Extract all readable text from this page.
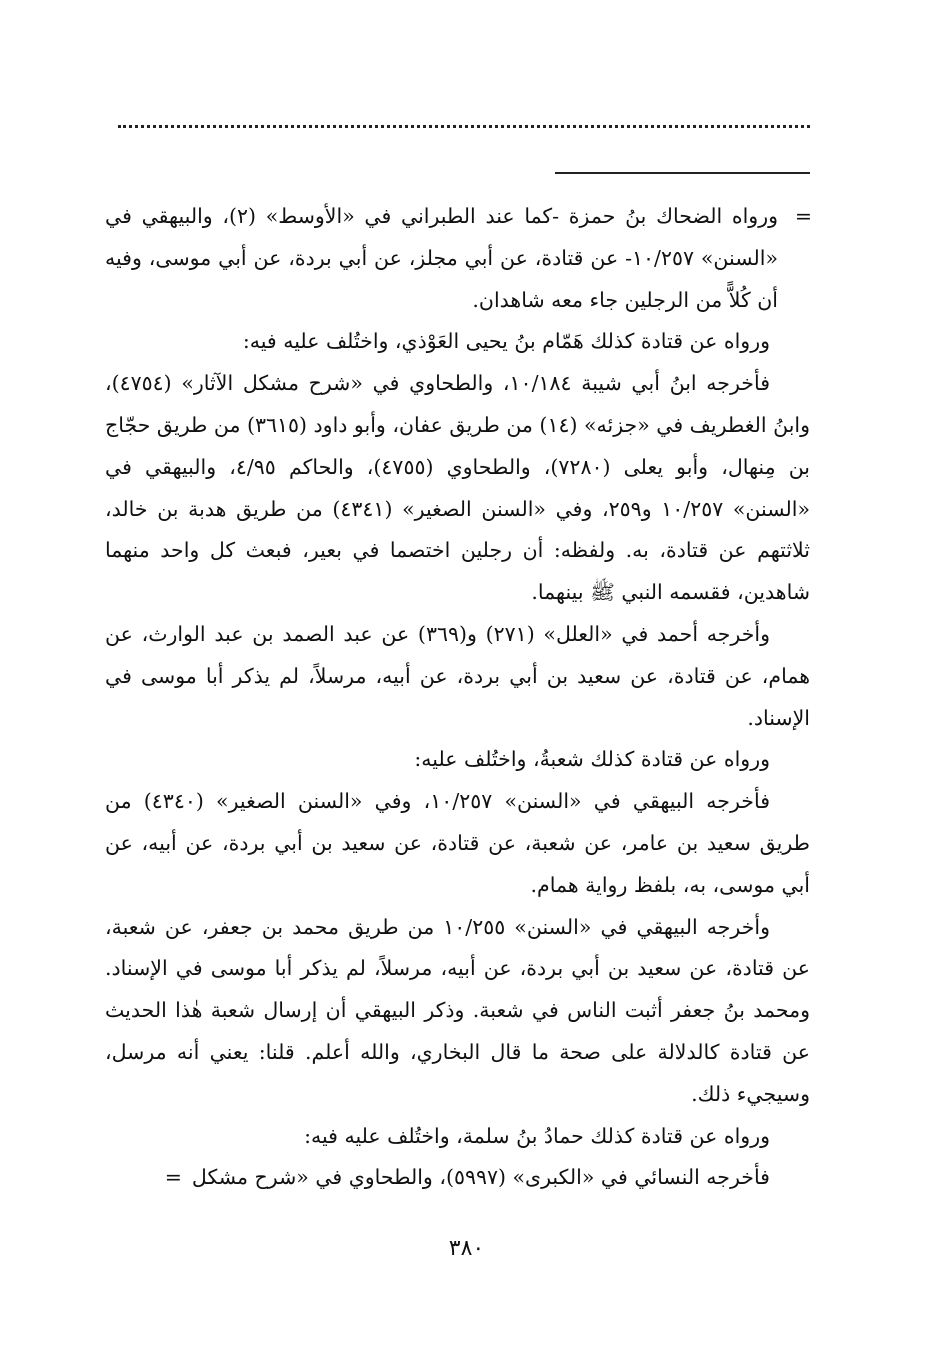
=
ورواه الضحاك بنُ حمزة -كما عند الطبراني في «الأوسط» (٢)، والبيهقي في «السنن» ١٠/٢٥٧- عن قتادة، عن أبي مجلز، عن أبي بردة، عن أبي موسى، وفيه أن كُلاًّ من الرجلين جاء معه شاهدان.

ورواه عن قتادة كذلك هَمّام بنُ يحيى العَوْذي، واختُلف عليه فيه:

فأخرجه ابنُ أبي شيبة ١٠/١٨٤، والطحاوي في «شرح مشكل الآثار» (٤٧٥٤)، وابنُ الغطريف في «جزئه» (١٤) من طريق عفان، وأبو داود (٣٦١٥) من طريق حجّاج بن مِنهال، وأبو يعلى (٧٢٨٠)، والطحاوي (٤٧٥٥)، والحاكم ٤/٩٥، والبيهقي في «السنن» ١٠/٢٥٧ و٢٥٩، وفي «السنن الصغير» (٤٣٤١) من طريق هدبة بن خالد، ثلاثتهم عن قتادة، به. ولفظه: أن رجلين اختصما في بعير، فبعث كل واحد منهما شاهدين، فقسمه النبي ﷺ بينهما.

وأخرجه أحمد في «العلل» (٢٧١) و(٣٦٩) عن عبد الصمد بن عبد الوارث، عن همام، عن قتادة، عن سعيد بن أبي بردة، عن أبيه، مرسلاً، لم يذكر أبا موسى في الإسناد.

ورواه عن قتادة كذلك شعبةُ، واختُلف عليه:

فأخرجه البيهقي في «السنن» ١٠/٢٥٧، وفي «السنن الصغير» (٤٣٤٠) من طريق سعيد بن عامر، عن شعبة، عن قتادة، عن سعيد بن أبي بردة، عن أبيه، عن أبي موسى، به، بلفظ رواية همام.

وأخرجه البيهقي في «السنن» ١٠/٢٥٥ من طريق محمد بن جعفر، عن شعبة، عن قتادة، عن سعيد بن أبي بردة، عن أبيه، مرسلاً، لم يذكر أبا موسى في الإسناد. ومحمد بنُ جعفر أثبت الناس في شعبة. وذكر البيهقي أن إرسال شعبة هٰذا الحديث عن قتادة كالدلالة على صحة ما قال البخاري، والله أعلم. قلنا: يعني أنه مرسل، وسيجيء ذلك.

ورواه عن قتادة كذلك حمادُ بنُ سلمة، واختُلف عليه فيه:

فأخرجه النسائي في «الكبرى» (٥٩٩٧)، والطحاوي في «شرح مشكل=

٣٨٠
